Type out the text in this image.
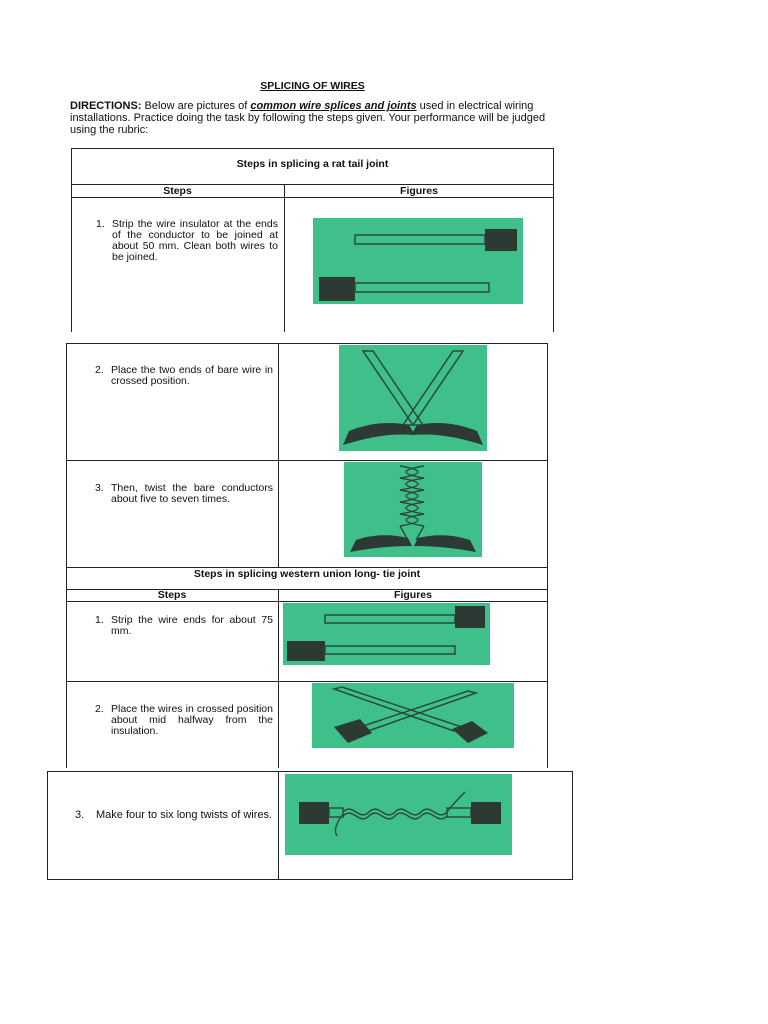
SPLICING OF WIRES
DIRECTIONS: Below are pictures of common wire splices and joints used in electrical wiring installations. Practice doing the task by following the steps given. Your performance will be judged using the rubric:
Steps in splicing a rat tail joint
Steps	Figures
1. Strip the wire insulator at the ends of the conductor to be joined at about 50 mm. Clean both wires to be joined.
2. Place the two ends of bare wire in crossed position.
3. Then, twist the bare conductors about five to seven times.
Steps in splicing western union long- tie joint
Steps	Figures
1. Strip the wire ends for about 75 mm.
2. Place the wires in crossed position about mid halfway from the insulation.
3. Make four to six long twists of wires.
